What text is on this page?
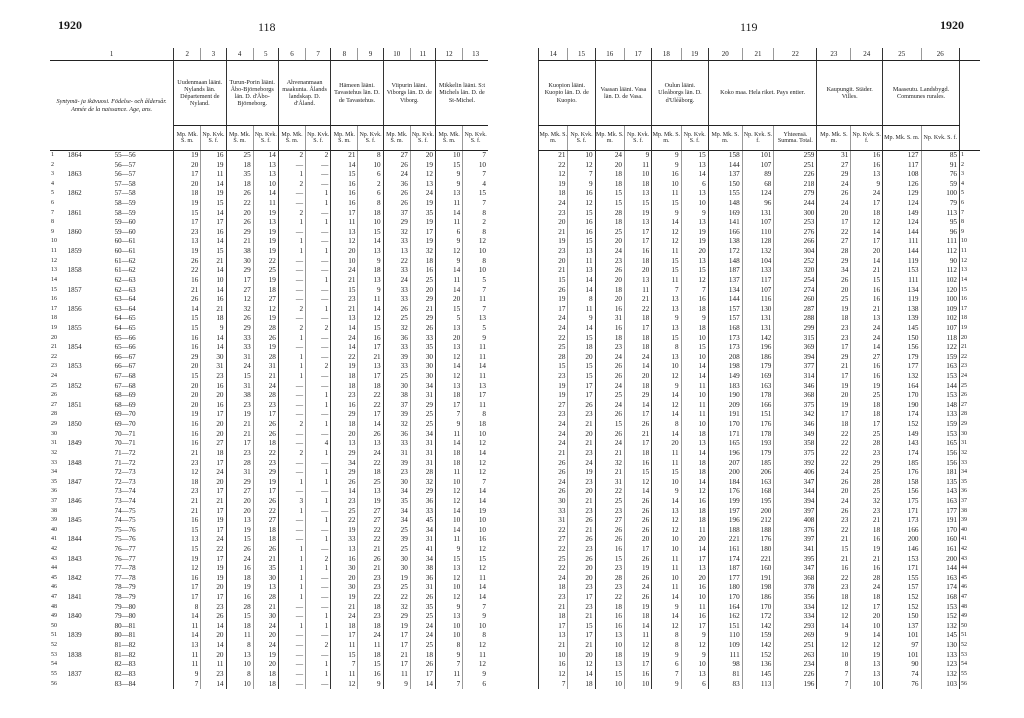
1920	118	119	1920
1			2	3	4	5	6	7	8	9	10	11	12	13
Syntymä- ja ikävuosi. Födelse- och åldersår. Année de la naissance. Age, ans.			Uudenmaan lääni. Nylands län. Département de Nyland.		Turun-Porin lääni. Åbo-Björneborgs län. D. d'Åbo-Björneborg.		Ahvenanmaan maakunta. Ålands landskap. D. d'Åland.		Hämeen lääni. Tavastehus län. D. de Tavastehus.		Viipurin lääni. Viborgs län. D. de Viborg.		Mikkelin lääni. S:t Michels län. D. de St-Michel.	
			Mp. Mk. S. m.	Np. Kvk. S. f.	Mp. Mk. S. m.	Np. Kvk. S. f.	Mp. Mk. S. m.	Np. Kvk. S. f.	Mp. Mk. S. m.	Np. Kvk. S. f.	Mp. Mk. S. m.	Np. Kvk. S. f.	Mp. Mk. S. m.	Np. Kvk. S. f.
1	1864	55—56	19	16	25	14	2	2	21	8	27	20	10	7
2		56—57	20	19	18	13	—	—	14	10	26	19	15	10
3	1863	56—57	17	11	35	13	1	—	15	6	24	12	9	7
4		57—58	20	14	18	10	2	—	16	2	36	13	9	4
5	1862	57—58	18	19	26	14	—	1	16	6	26	24	13	15
6		58—59	19	15	22	11	—	1	16	8	26	19	11	7
7	1861	58—59	15	14	20	19	2	—	17	18	37	35	14	8
8		59—60	17	17	26	13	1	1	11	10	29	19	11	2
9	1860	59—60	23	16	29	19	—	—	13	15	32	17	6	8
10		60—61	13	14	21	19	1	—	12	14	33	19	9	12
11	1859	60—61	19	15	38	19	1	1	20	13	13	32	12	10
12		61—62	26	21	30	22	—	—	10	9	22	18	9	8
13	1858	61—62	22	14	29	25	—	—	24	18	33	16	14	10
14		62—63	16	10	17	19	—	1	21	13	24	25	11	5
15	1857	62—63	21	14	27	18	—	—	15	9	33	20	14	7
16		63—64	26	16	12	27	—	—	23	11	33	29	20	11
17	1856	63—64	14	21	32	12	2	1	21	14	26	21	15	7
18		64—65	15	18	26	19	—	—	13	12	25	29	5	13
19	1855	64—65	15	9	29	28	2	2	14	15	32	26	13	5
20		65—66	16	14	33	26	1	—	24	16	36	33	20	9
21	1854	65—66	16	14	33	19	—	—	14	17	33	35	13	11
22		66—67	29	30	31	28	1	—	22	21	39	30	12	11
23	1853	66—67	20	31	24	31	1	2	19	13	33	30	14	14
24		67—68	15	23	15	21	1	—	18	17	25	30	12	11
25	1852	67—68	20	16	31	24	—	—	18	18	30	34	13	13
26		68—69	20	20	38	28	—	1	23	22	38	31	18	17
27	1851	68—69	20	16	23	23	—	1	16	22	37	29	17	11
28		69—70	19	17	19	17	—	—	29	17	39	25	7	8
29	1850	69—70	16	20	21	26	2	1	18	14	32	25	9	18
30		70—71	16	20	21	26	—	—	20	26	36	34	11	10
31	1849	70—71	16	27	17	18	—	4	13	13	33	31	14	12
32		71—72	21	18	23	22	2	1	29	24	31	31	18	14
33	1848	71—72	23	17	28	23	—	—	34	22	39	31	18	12
34		72—73	12	24	31	29	—	1	29	18	23	28	11	12
35	1847	72—73	18	20	29	19	1	1	26	25	30	32	10	7
36		73—74	23	17	27	17	—	—	14	13	34	29	12	14
37	1846	73—74	21	21	20	26	3	1	23	19	35	36	12	14
38		74—75	21	17	20	22	1	—	25	27	34	33	14	19
39	1845	74—75	16	19	13	27	—	1	22	27	34	45	10	10
40		75—76	15	17	19	18	—	—	19	22	25	34	14	10
41	1844	75—76	13	24	15	18	—	1	33	22	39	31	11	16
42		76—77	15	22	26	26	1	—	13	21	25	41	9	12
43	1843	76—77	19	17	24	21	1	2	16	26	30	34	15	15
44		77—78	12	19	16	35	1	1	30	21	30	38	13	12
45	1842	77—78	16	19	18	30	1	—	20	23	19	36	12	11
46		78—79	17	20	19	13	1	—	30	23	25	31	10	14
47	1841	78—79	17	17	16	28	1	—	19	22	22	26	12	14
48		79—80	8	23	28	21	—	—	21	18	32	35	9	7
49	1840	79—80	14	26	15	30	—	1	24	23	29	25	13	9
50		80—81	11	14	18	24	1	1	18	18	19	24	10	10
51	1839	80—81	14	20	11	20	—	—	17	24	17	24	10	8
52		81—82	13	14	8	24	—	2	11	11	17	25	8	12
53	1838	81—82	11	20	13	19	—	—	15	18	21	18	9	11
54		82—83	11	11	10	20	—	1	7	15	17	26	7	12
55	1837	82—83	9	23	8	18	—	1	11	16	11	17	11	9
56		83—84	7	14	10	18	—	—	12	9	9	14	7	6
14	15	16	17	18	19	20	21	22	23	24	25	26	
Kuopion lääni. Kuopio län. D. de Kuopio.		Vaasan lääni. Vasa län. D. de Vasa.		Oulun lääni. Uleåborgs län. D. d'Uléåborg.		Koko maa. Hela riket. Pays entier.			Kaupungit. Städer. Villes.		Maaseutu. Landsbygd. Communes rurales.		
Mp. Mk. S. m.	Np. Kvk. S. f.	Mp. Mk. S. m.	Np. Kvk. S. f.	Mp. Mk. S. m.	Np. Kvk. S. f.	Mp. Mk. S. m.	Np. Kvk. S. f.	Yhteensä. Summa. Total.	Mp. Mk. S. m.	Np. Kvk. S. f.	Mp. Mk. S. m.	Np. Kvk. S. f.	
21	10	24	9	9	15	158	101	259	31	16	127	85	1
22	12	20	11	9	13	144	107	251	27	16	117	91	2
12	7	18	10	16	14	137	89	226	29	13	108	76	3
19	9	18	18	10	6	150	68	218	24	9	126	59	4
18	16	15	13	11	13	155	124	279	26	24	129	100	5
24	12	15	15	15	10	148	96	244	24	17	124	79	6
23	15	28	19	9	9	169	131	300	20	18	149	113	7
20	16	18	13	14	13	141	107	253	17	12	124	95	8
21	16	25	17	12	19	166	110	276	22	14	144	96	9
19	15	20	17	12	19	138	128	266	27	17	111	111	10
23	13	24	16	11	20	172	132	304	28	20	144	112	11
20	11	23	18	15	13	148	104	252	29	14	119	90	12
21	13	26	20	15	15	187	133	320	34	21	153	112	13
15	14	20	13	11	12	137	117	254	26	15	111	102	14
26	14	18	11	7	7	134	107	274	20	16	134	120	15
19	8	20	21	13	16	144	116	260	25	16	119	100	16
17	11	16	22	13	18	157	130	287	19	21	138	109	17
24	9	31	18	9	9	157	131	288	18	13	139	102	18
24	14	16	17	13	18	168	131	299	23	24	145	107	19
22	15	18	18	15	10	173	142	315	23	24	150	118	20
25	18	23	18	8	15	173	196	369	17	14	156	122	21
28	20	24	24	13	10	208	186	394	29	27	179	159	22
15	15	26	14	10	14	198	179	377	21	16	177	163	23
23	15	26	20	12	14	149	169	314	17	16	132	153	24
19	17	24	18	9	11	183	163	346	19	19	164	144	25
19	17	25	29	14	10	190	178	368	20	25	170	153	26
27	26	24	14	12	11	209	166	375	19	18	190	148	27
23	23	26	17	14	11	191	151	342	17	18	174	133	28
24	21	15	26	8	10	170	176	346	18	17	152	159	29
24	20	26	21	14	18	171	178	349	22	25	149	153	30
24	21	24	17	20	13	165	193	358	22	28	143	165	31
21	23	21	18	11	14	196	179	375	22	23	174	156	32
26	24	32	16	11	18	207	185	392	22	29	185	156	33
26	19	21	15	15	18	200	206	406	24	25	176	181	34
24	23	31	12	10	14	184	163	347	26	28	158	135	35
26	20	22	14	9	12	176	168	344	20	25	156	143	36
30	21	25	26	14	16	199	195	394	24	32	175	163	37
33	23	23	26	13	18	197	200	397	26	23	171	177	38
31	26	27	26	12	18	196	212	408	23	21	173	191	39
22	21	26	26	12	11	188	188	376	22	18	166	170	40
27	26	26	20	10	20	221	176	397	21	16	200	160	41
22	23	16	17	10	14	161	180	341	15	19	146	161	42
25	26	15	26	11	17	174	221	395	21	21	153	200	43
22	20	23	19	11	13	187	160	347	16	16	171	144	44
24	20	28	26	10	20	177	191	368	22	28	155	163	45
18	23	23	24	11	16	180	198	378	23	24	157	174	46
23	17	22	26	14	10	170	186	356	18	18	152	168	47
21	23	18	19	9	11	164	170	334	12	17	152	153	48
18	21	16	18	14	16	162	172	334	12	20	150	152	49
17	15	16	14	12	17	151	142	293	14	10	137	132	50
13	17	13	11	8	9	110	159	269	9	14	101	145	51
21	21	10	12	8	12	109	142	251	12	12	97	130	52
10	20	18	19	9	9	111	152	263	10	19	101	133	53
16	12	13	17	6	10	98	136	234	8	13	90	123	54
12	14	15	16	7	13	81	145	226	7	13	74	132	55
7	18	10	10	9	6	83	113	196	7	10	76	103	56
